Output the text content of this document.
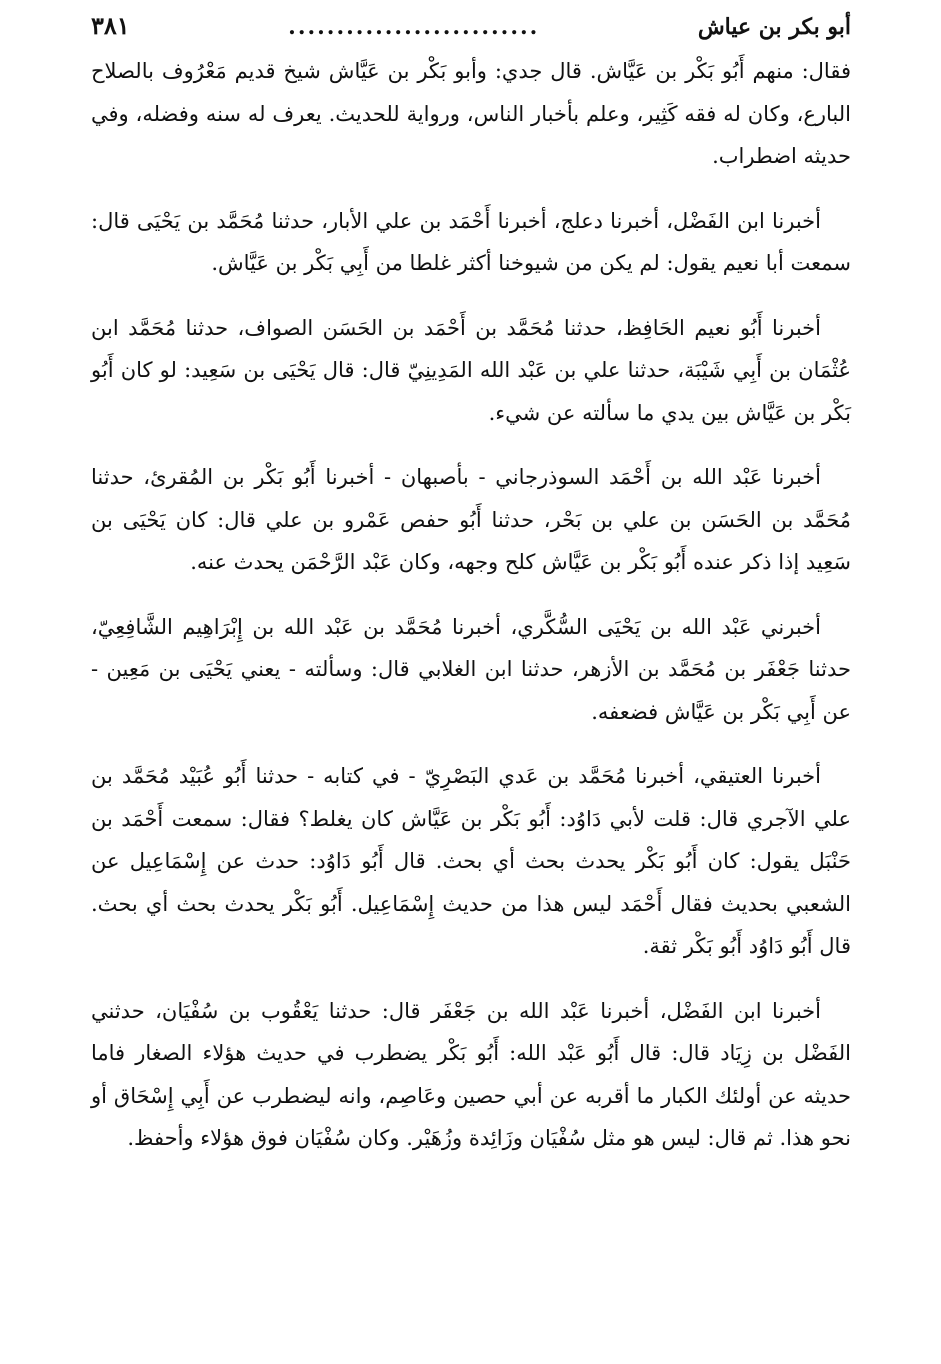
أبو بكر بن عياش
..........................
٣٨١

فقال: منهم أَبُو بَكْر بن عَيَّاش. قال جدي: وأبو بَكْر بن عَيَّاش شيخ قديم مَعْرُوف بالصلاح البارع، وكان له فقه كَثِير، وعلم بأخبار الناس، ورواية للحديث. يعرف له سنه وفضله، وفي حديثه اضطراب.

أخبرنا ابن الفَضْل، أخبرنا دعلج، أخبرنا أَحْمَد بن علي الأبار، حدثنا مُحَمَّد بن يَحْيَى قال: سمعت أبا نعيم يقول: لم يكن من شيوخنا أكثر غلطا من أَبِي بَكْر بن عَيَّاش.

أخبرنا أَبُو نعيم الحَافِظ، حدثنا مُحَمَّد بن أَحْمَد بن الحَسَن الصواف، حدثنا مُحَمَّد ابن عُثْمَان بن أَبِي شَيْبَة، حدثنا علي بن عَبْد الله المَدِينِيّ قال: قال يَحْيَى بن سَعِيد: لو كان أَبُو بَكْر بن عَيَّاش بين يدي ما سألته عن شيء.

أخبرنا عَبْد الله بن أَحْمَد السوذرجاني - بأصبهان - أخبرنا أَبُو بَكْر بن المُقرئ، حدثنا مُحَمَّد بن الحَسَن بن علي بن بَحْر، حدثنا أَبُو حفص عَمْرو بن علي قال: كان يَحْيَى بن سَعِيد إذا ذكر عنده أَبُو بَكْر بن عَيَّاش كلح وجهه، وكان عَبْد الرَّحْمَن يحدث عنه.

أخبرني عَبْد الله بن يَحْيَى السُّكَّري، أخبرنا مُحَمَّد بن عَبْد الله بن إِبْرَاهِيم الشَّافِعِيّ، حدثنا جَعْفَر بن مُحَمَّد بن الأزهر، حدثنا ابن الغلابي قال: وسألته - يعني يَحْيَى بن مَعِين - عن أَبِي بَكْر بن عَيَّاش فضعفه.

أخبرنا العتيقي، أخبرنا مُحَمَّد بن عَدي البَصْرِيّ - في كتابه - حدثنا أَبُو عُبَيْد مُحَمَّد بن علي الآجري قال: قلت لأبي دَاوُد: أَبُو بَكْر بن عَيَّاش كان يغلط؟ فقال: سمعت أَحْمَد بن حَنْبَل يقول: كان أَبُو بَكْر يحدث بحث أي بحث. قال أَبُو دَاوُد: حدث عن إِسْمَاعِيل عن الشعبي بحديث فقال أَحْمَد ليس هذا من حديث إِسْمَاعِيل. أَبُو بَكْر يحدث بحث أي بحث. قال أَبُو دَاوُد أَبُو بَكْر ثقة.

أخبرنا ابن الفَضْل، أخبرنا عَبْد الله بن جَعْفَر قال: حدثنا يَعْقُوب بن سُفْيَان، حدثني الفَضْل بن زِيَاد قال: قال أَبُو عَبْد الله: أَبُو بَكْر يضطرب في حديث هؤلاء الصغار فاما حديثه عن أولئك الكبار ما أقربه عن أبي حصين وعَاصِم، وانه ليضطرب عن أَبِي إِسْحَاق أو نحو هذا. ثم قال: ليس هو مثل سُفْيَان وزَائِدة وزُهَيْر. وكان سُفْيَان فوق هؤلاء وأحفظ.
